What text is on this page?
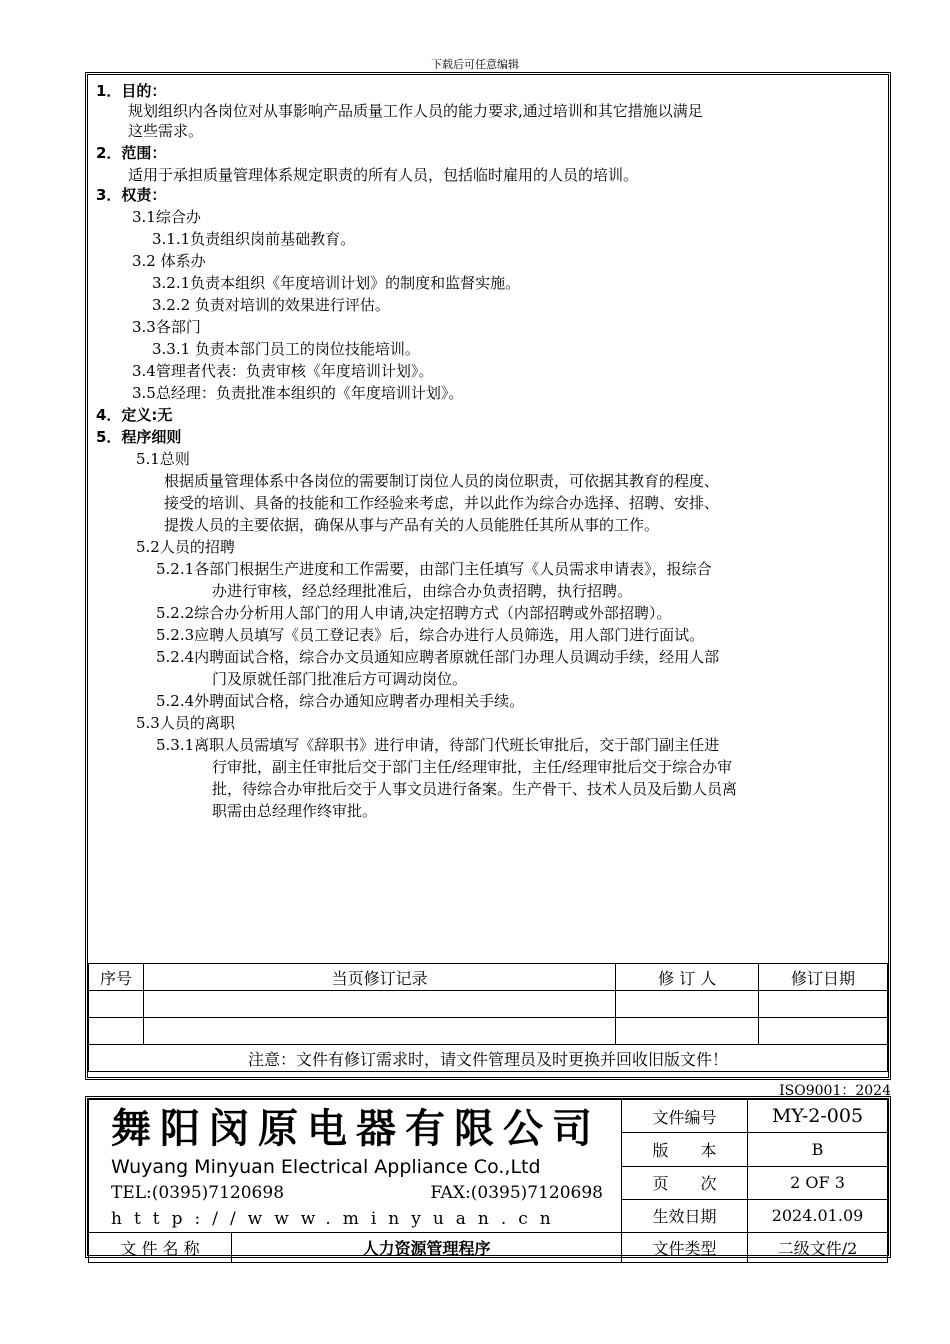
下载后可任意编辑
1．目的：
规划组织内各岗位对从事影响产品质量工作人员的能力要求,通过培训和其它措施以满足
这些需求。
2．范围：
适用于承担质量管理体系规定职责的所有人员，包括临时雇用的人员的培训。
3．权责：
3.1综合办
3.1.1负责组织岗前基础教育。
3.2 体系办
3.2.1负责本组织《年度培训计划》的制度和监督实施。
3.2.2 负责对培训的效果进行评估。
3.3各部门
3.3.1 负责本部门员工的岗位技能培训。
3.4管理者代表：负责审核《年度培训计划》。
3.5总经理：负责批准本组织的《年度培训计划》。
4．定义:无
5．程序细则
5.1总则
根据质量管理体系中各岗位的需要制订岗位人员的岗位职责，可依据其教育的程度、
接受的培训、具备的技能和工作经验来考虑，并以此作为综合办选择、招聘、安排、
提拨人员的主要依据，确保从事与产品有关的人员能胜任其所从事的工作。
5.2人员的招聘
5.2.1各部门根据生产进度和工作需要，由部门主任填写《人员需求申请表》，报综合
办进行审核，经总经理批准后，由综合办负责招聘，执行招聘。
5.2.2综合办分析用人部门的用人申请,决定招聘方式（内部招聘或外部招聘）。
5.2.3应聘人员填写《员工登记表》后，综合办进行人员筛选，用人部门进行面试。
5.2.4内聘面试合格，综合办文员通知应聘者原就任部门办理人员调动手续，经用人部
门及原就任部门批准后方可调动岗位。
5.2.4外聘面试合格，综合办通知应聘者办理相关手续。
5.3人员的离职
5.3.1离职人员需填写《辞职书》进行申请，待部门代班长审批后，交于部门副主任进
行审批，副主任审批后交于部门主任/经理审批，主任/经理审批后交于综合办审
批，待综合办审批后交于人事文员进行备案。生产骨干、技术人员及后勤人员离
职需由总经理作终审批。
序号	当页修订记录	修 订 人	修订日期

注意：文件有修订需求时，请文件管理员及时更换并回收旧版文件！			
ISO9001：2024
舞阳闵原电器有限公司
Wuyang Minyuan Electrical Appliance Co.,Ltd
TEL:(0395)7120698 FAX:(0395)7120698
http://www.minyuan.cn		文件编号	MY-2-005
		版　　本	B
		页　　次	2 OF 3
		生效日期	2024.01.09
文 件 名 称	人力资源管理程序	文件类型	二级文件/2
